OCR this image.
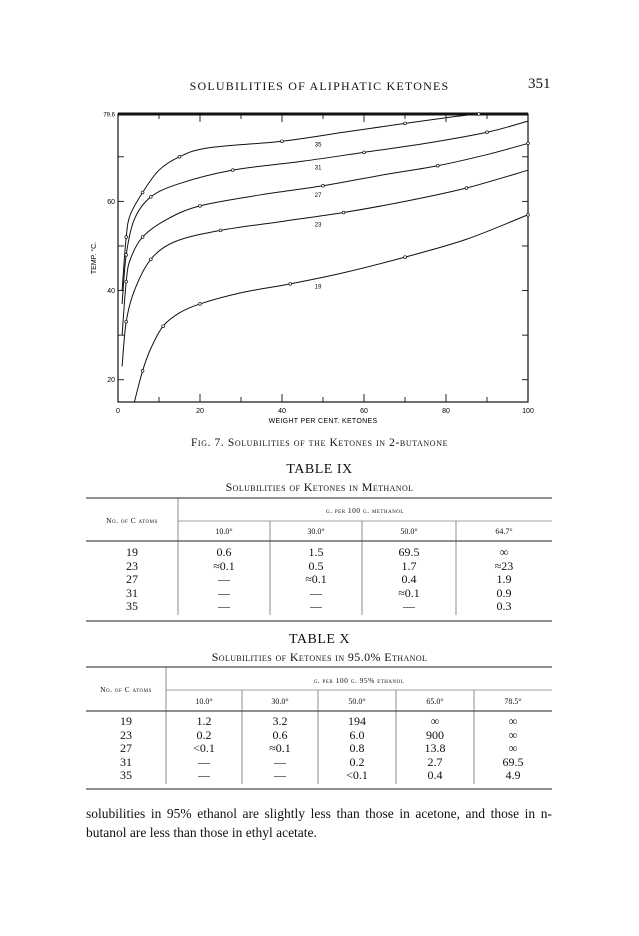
SOLUBILITIES OF ALIPHATIC KETONES	351
0	20	40	60	80	100
20
40
60
79.6
WEIGHT PER CENT. KETONES
TEMP. °C.
35
31
27
23
19
Fig. 7. Solubilities of the Ketones in 2-butanone
TABLE IX
Solubilities of Ketones in Methanol
No. of C atoms
g. per 100 g. methanol
10.0°	30.0°	50.0°	64.7°
19	0.6	1.5	69.5	∞
23	≈0.1	0.5	1.7	≈23
27	—	≈0.1	0.4	1.9
31	—	—	≈0.1	0.9
35	—	—	—	0.3
TABLE X
Solubilities of Ketones in 95.0% Ethanol
No. of C atoms
g. per 100 g. 95% ethanol
10.0°	30.0°	50.0°	65.0°	78.5°
19	1.2	3.2	194	∞	∞
23	0.2	0.6	6.0	900	∞
27	<0.1	≈0.1	0.8	13.8	∞
31	—	—	0.2	2.7	69.5
35	—	—	<0.1	0.4	4.9
solubilities in 95% ethanol are slightly less than those in acetone, and those in n-butanol are less than those in ethyl acetate.
